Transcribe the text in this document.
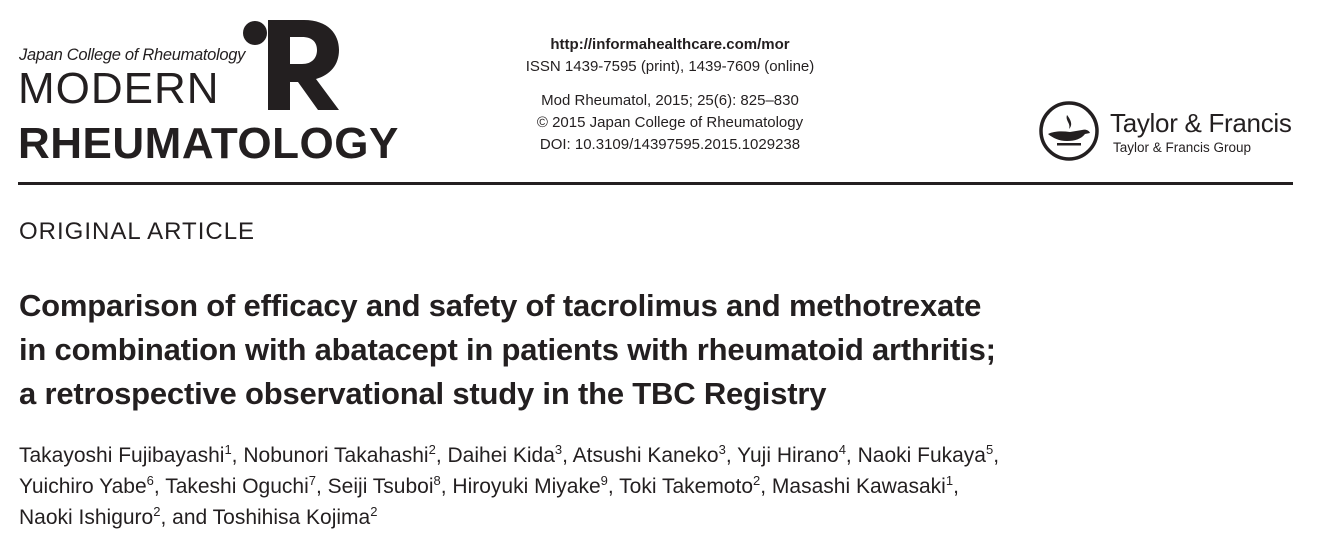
Japan College of Rheumatology
MODERN
RHEUMATOLOGY
http://informahealthcare.com/mor
ISSN 1439-7595 (print), 1439-7609 (online)
Mod Rheumatol, 2015; 25(6): 825–830
© 2015 Japan College of Rheumatology
DOI: 10.3109/14397595.2015.1029238
Taylor & Francis
Taylor & Francis Group
ORIGINAL ARTICLE
Comparison of efficacy and safety of tacrolimus and methotrexate
in combination with abatacept in patients with rheumatoid arthritis;
a retrospective observational study in the TBC Registry
Takayoshi Fujibayashi$^1$, Nobunori Takahashi$^2$, Daihei Kida$^3$, Atsushi Kaneko$^3$, Yuji Hirano$^4$, Naoki Fukaya$^5$,
Yuichiro Yabe$^6$, Takeshi Oguchi$^7$, Seiji Tsuboi$^8$, Hiroyuki Miyake$^9$, Toki Takemoto$^2$, Masashi Kawasaki$^1$,
Naoki Ishiguro$^2$, and Toshihisa Kojima$^2$
